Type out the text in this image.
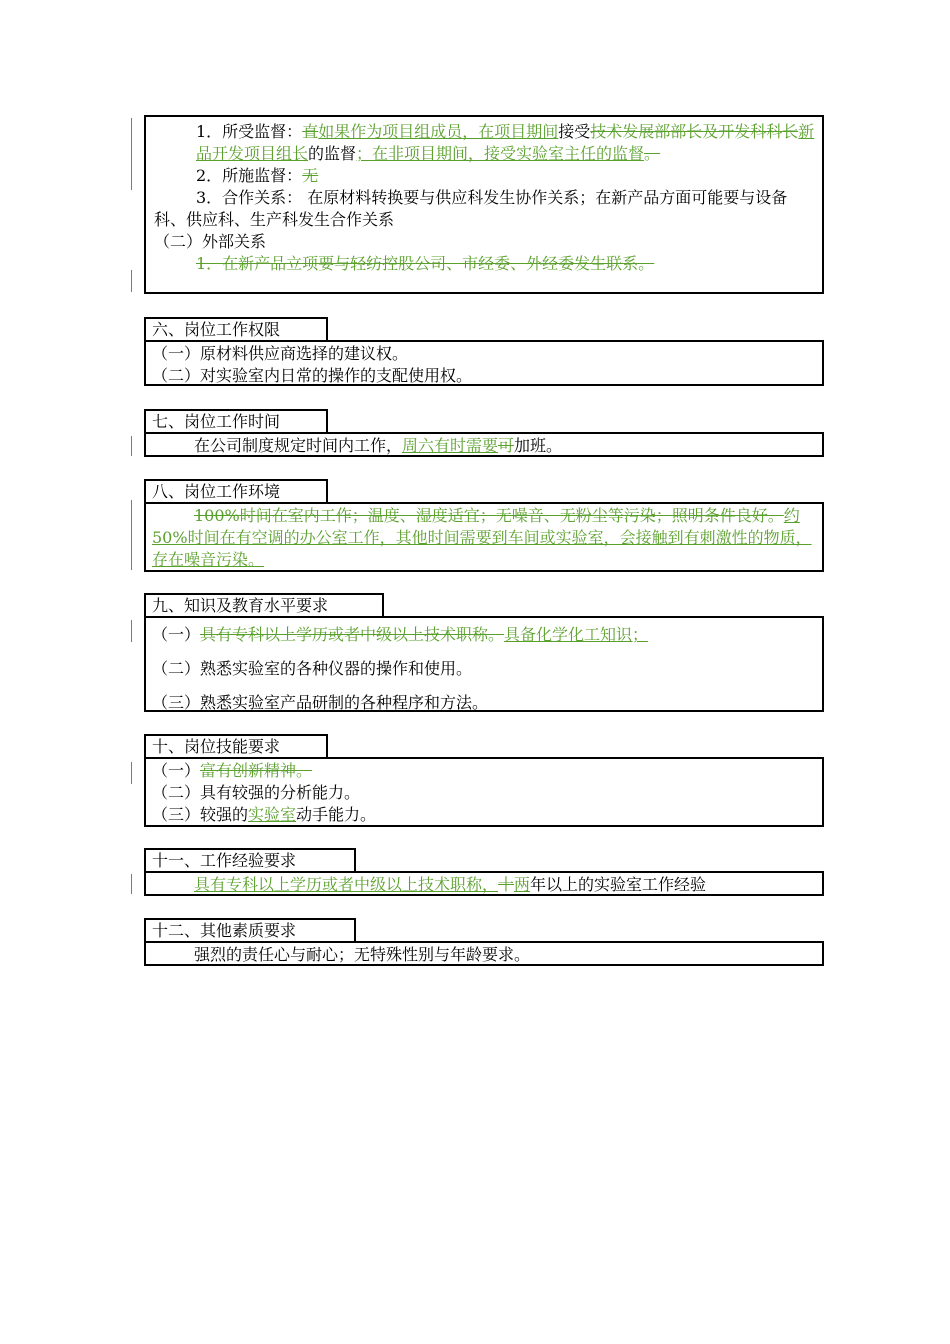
1．所受监督：直如果作为项目组成员，在项目期间接受技术发展部部长及开发科科长新品开发项目组长的监督；在非项目期间，接受实验室主任的监督。

2．所施监督：无

3．合作关系： 在原材料转换要与供应科发生协作关系；在新产品方面可能要与设备科、供应科、生产科发生合作关系

（二）外部关系

1．在新产品立项要与轻纺控股公司、市经委、外经委发生联系。

六、岗位工作权限

（一）原材料供应商选择的建议权。

（二）对实验室内日常的操作的支配使用权。

七、岗位工作时间

在公司制度规定时间内工作，周六有时需要可加班。

八、岗位工作环境

100%时间在室内工作；温度、湿度适宜；无噪音、无粉尘等污染；照明条件良好。约50%时间在有空调的办公室工作，其他时间需要到车间或实验室，会接触到有刺激性的物质，存在噪音污染。

九、知识及教育水平要求

（一）具有专科以上学历或者中级以上技术职称。具备化学化工知识；

（二）熟悉实验室的各种仪器的操作和使用。

（三）熟悉实验室产品研制的各种程序和方法。

十、岗位技能要求

（一）富有创新精神。

（二）具有较强的分析能力。

（三）较强的实验室动手能力。

十一、工作经验要求

具有专科以上学历或者中级以上技术职称，十两年以上的实验室工作经验

十二、其他素质要求

强烈的责任心与耐心；无特殊性别与年龄要求。
